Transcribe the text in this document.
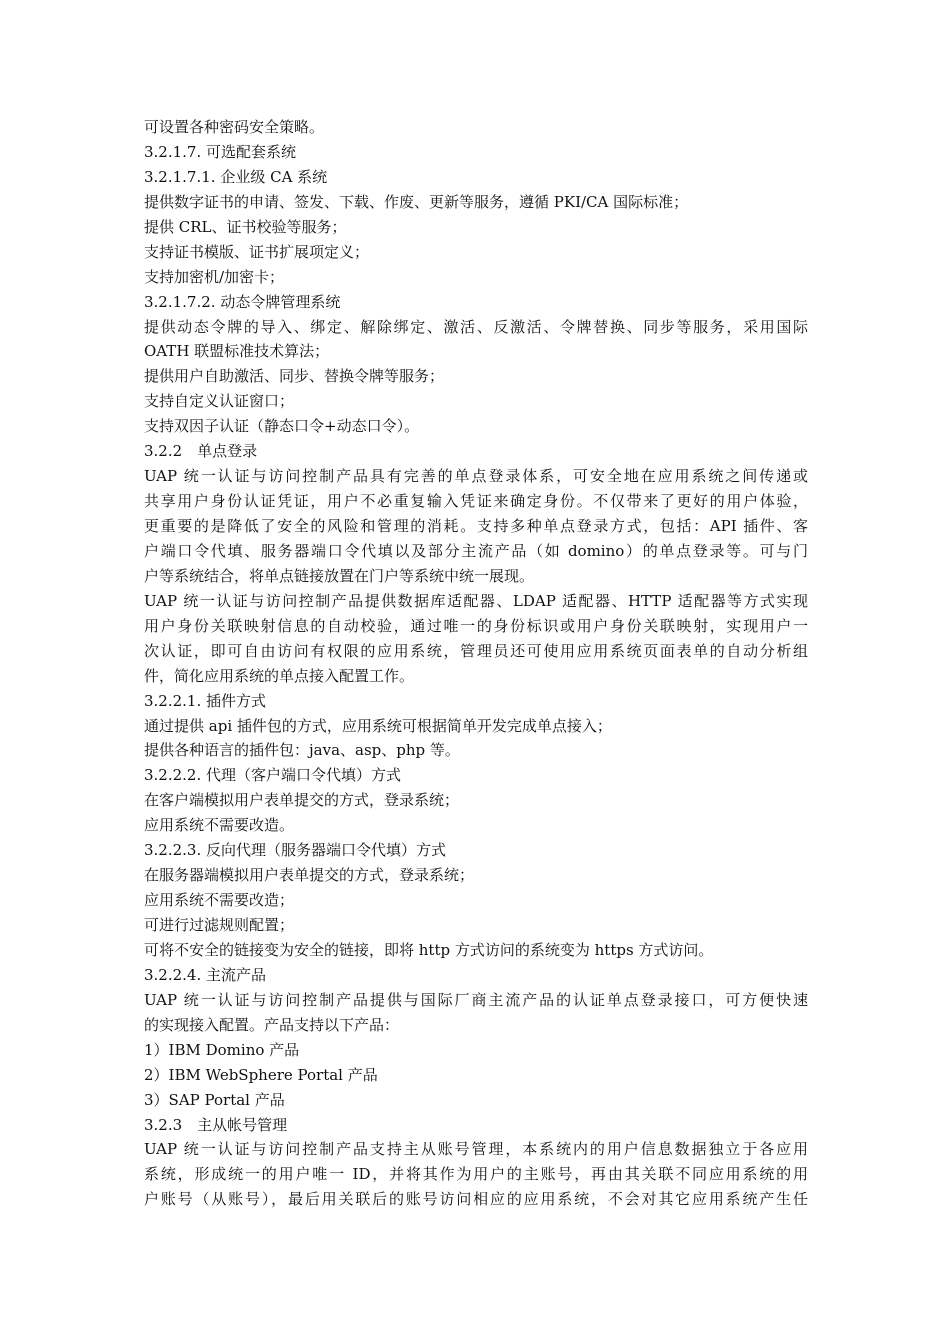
可设置各种密码安全策略。
3.2.1.7. 可选配套系统
3.2.1.7.1. 企业级 CA 系统
提供数字证书的申请、签发、下载、作废、更新等服务，遵循 PKI/CA 国际标准；
提供 CRL、证书校验等服务；
支持证书模版、证书扩展项定义；
支持加密机/加密卡；
3.2.1.7.2. 动态令牌管理系统
提供动态令牌的导入、绑定、解除绑定、激活、反激活、令牌替换、同步等服务，采用国际
OATH 联盟标准技术算法；
提供用户自助激活、同步、替换令牌等服务；
支持自定义认证窗口；
支持双因子认证（静态口令+动态口令）。
3.2.2　单点登录
UAP 统一认证与访问控制产品具有完善的单点登录体系，可安全地在应用系统之间传递或
共享用户身份认证凭证，用户不必重复输入凭证来确定身份。不仅带来了更好的用户体验，
更重要的是降低了安全的风险和管理的消耗。支持多种单点登录方式，包括：API 插件、客
户端口令代填、服务器端口令代填以及部分主流产品（如 domino）的单点登录等。可与门
户等系统结合，将单点链接放置在门户等系统中统一展现。
UAP 统一认证与访问控制产品提供数据库适配器、LDAP 适配器、HTTP 适配器等方式实现
用户身份关联映射信息的自动校验，通过唯一的身份标识或用户身份关联映射，实现用户一
次认证，即可自由访问有权限的应用系统，管理员还可使用应用系统页面表单的自动分析组
件，简化应用系统的单点接入配置工作。
3.2.2.1. 插件方式
通过提供 api 插件包的方式，应用系统可根据简单开发完成单点接入；
提供各种语言的插件包：java、asp、php 等。
3.2.2.2. 代理（客户端口令代填）方式
在客户端模拟用户表单提交的方式，登录系统；
应用系统不需要改造。
3.2.2.3. 反向代理（服务器端口令代填）方式
在服务器端模拟用户表单提交的方式，登录系统；
应用系统不需要改造；
可进行过滤规则配置；
可将不安全的链接变为安全的链接，即将 http 方式访问的系统变为 https 方式访问。
3.2.2.4. 主流产品
UAP 统一认证与访问控制产品提供与国际厂商主流产品的认证单点登录接口，可方便快速
的实现接入配置。产品支持以下产品：
1）IBM Domino 产品
2）IBM WebSphere Portal 产品
3）SAP Portal 产品
3.2.3　主从帐号管理
UAP 统一认证与访问控制产品支持主从账号管理，本系统内的用户信息数据独立于各应用
系统，形成统一的用户唯一 ID，并将其作为用户的主账号，再由其关联不同应用系统的用
户账号（从账号），最后用关联后的账号访问相应的应用系统，不会对其它应用系统产生任
